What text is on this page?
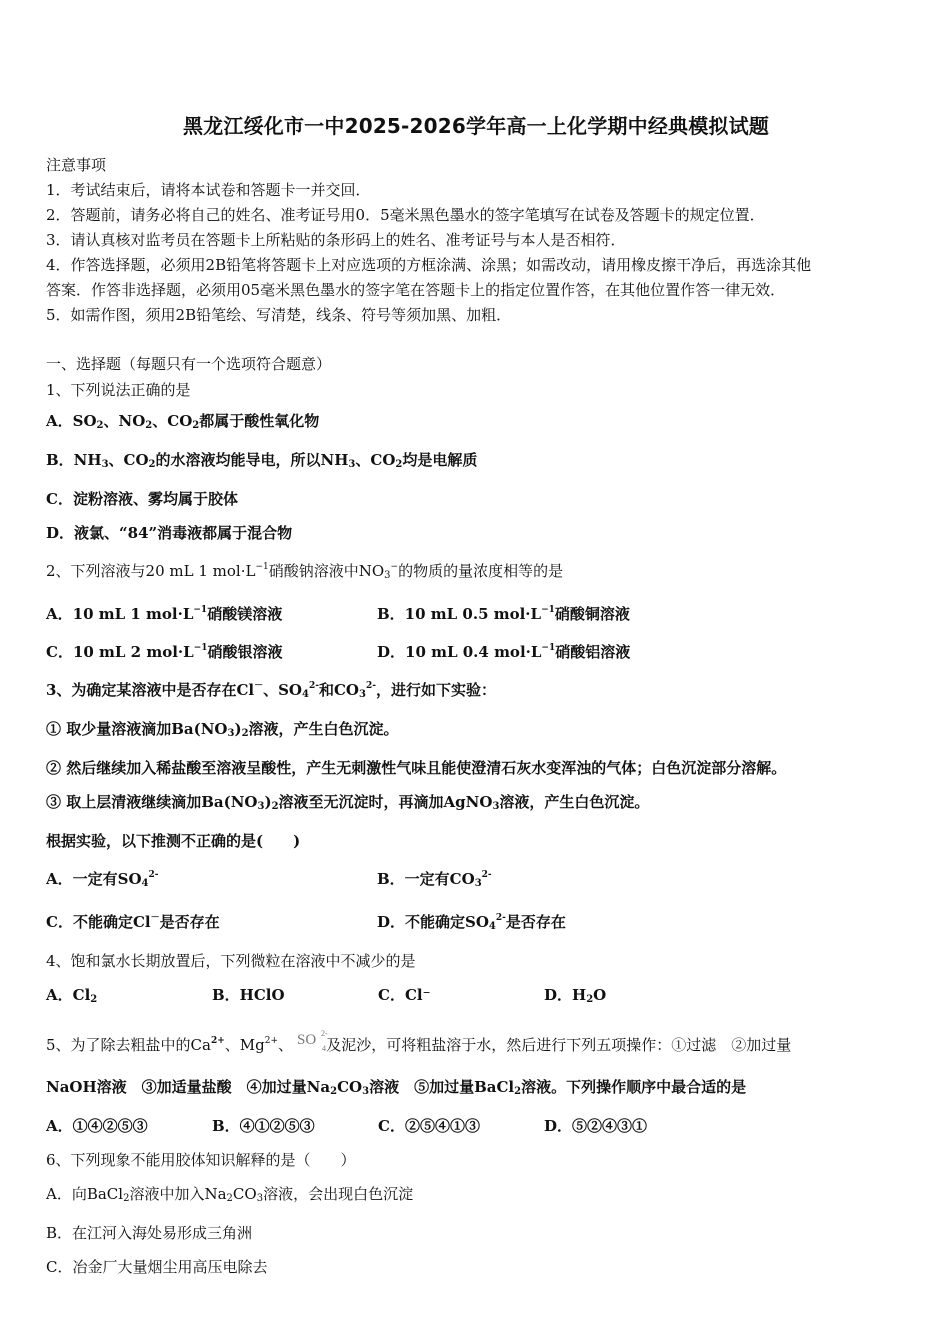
黑龙江绥化市一中2025-2026学年高一上化学期中经典模拟试题
注意事项
1．考试结束后，请将本试卷和答题卡一并交回．
2．答题前，请务必将自己的姓名、准考证号用0．5毫米黑色墨水的签字笔填写在试卷及答题卡的规定位置．
3．请认真核对监考员在答题卡上所粘贴的条形码上的姓名、准考证号与本人是否相符．
4．作答选择题，必须用2B铅笔将答题卡上对应选项的方框涂满、涂黑；如需改动，请用橡皮擦干净后，再选涂其他
答案．作答非选择题，必须用05毫米黑色墨水的签字笔在答题卡上的指定位置作答，在其他位置作答一律无效．
5．如需作图，须用2B铅笔绘、写清楚，线条、符号等须加黑、加粗．
一、选择题（每题只有一个选项符合题意）
1、下列说法正确的是
A．$SO_2$、$NO_2$、$CO_2$都属于酸性氧化物
B．$NH_3$、$CO_2$的水溶液均能导电，所以$NH_3$、$CO_2$均是电解质
C．淀粉溶液、雾均属于胶体
D．液氯、“84”消毒液都属于混合物
2、下列溶液与20 mL 1 $mol\cdot L^{-1}$硝酸钠溶液中$NO_3^-$的物质的量浓度相等的是
A．10 mL 1 $mol\cdot L^{-1}$硝酸镁溶液	B．10 mL 0.5 $mol\cdot L^{-1}$硝酸铜溶液
C．10 mL 2 $mol\cdot L^{-1}$硝酸银溶液	D．10 mL 0.4 $mol\cdot L^{-1}$硝酸铝溶液
3、为确定某溶液中是否存在Cl－、$SO_4^{2-}$和$CO_3^{2-}$，进行如下实验：
① 取少量溶液滴加$Ba(NO_3)_2$溶液，产生白色沉淀。
② 然后继续加入稀盐酸至溶液呈酸性，产生无刺激性气味且能使澄清石灰水变浑浊的气体；白色沉淀部分溶解。
③ 取上层清液继续滴加$Ba(NO_3)_2$溶液至无沉淀时，再滴加AgNO$_3$溶液，产生白色沉淀。
根据实验，以下推测不正确的是(　　)
A．一定有$SO_4^{2-}$	B．一定有$CO_3^{2-}$
C．不能确定Cl－是否存在	D．不能确定$SO_4^{2-}$是否存在
4、饱和氯水长期放置后，下列微粒在溶液中不减少的是
A．$Cl_2$	B．HClO	C．Cl⁻	D．$H_2O$
5、为了除去粗盐中的$Ca^{2+}$、$Mg^{2+}$、 SO 2-
4 及泥沙，可将粗盐溶于水，然后进行下列五项操作：①过滤　②加过量
NaOH溶液　③加适量盐酸　④加过量$Na_2CO_3$溶液　⑤加过量BaCl$_2$溶液。下列操作顺序中最合适的是
A．①④②⑤③	B．④①②⑤③	C．②⑤④①③	D．⑤②④③①
6、下列现象不能用胶体知识解释的是（　　）
A．向BaCl$_2$溶液中加入$Na_2CO_3$溶液，会出现白色沉淀
B．在江河入海处易形成三角洲
C．冶金厂大量烟尘用高压电除去
